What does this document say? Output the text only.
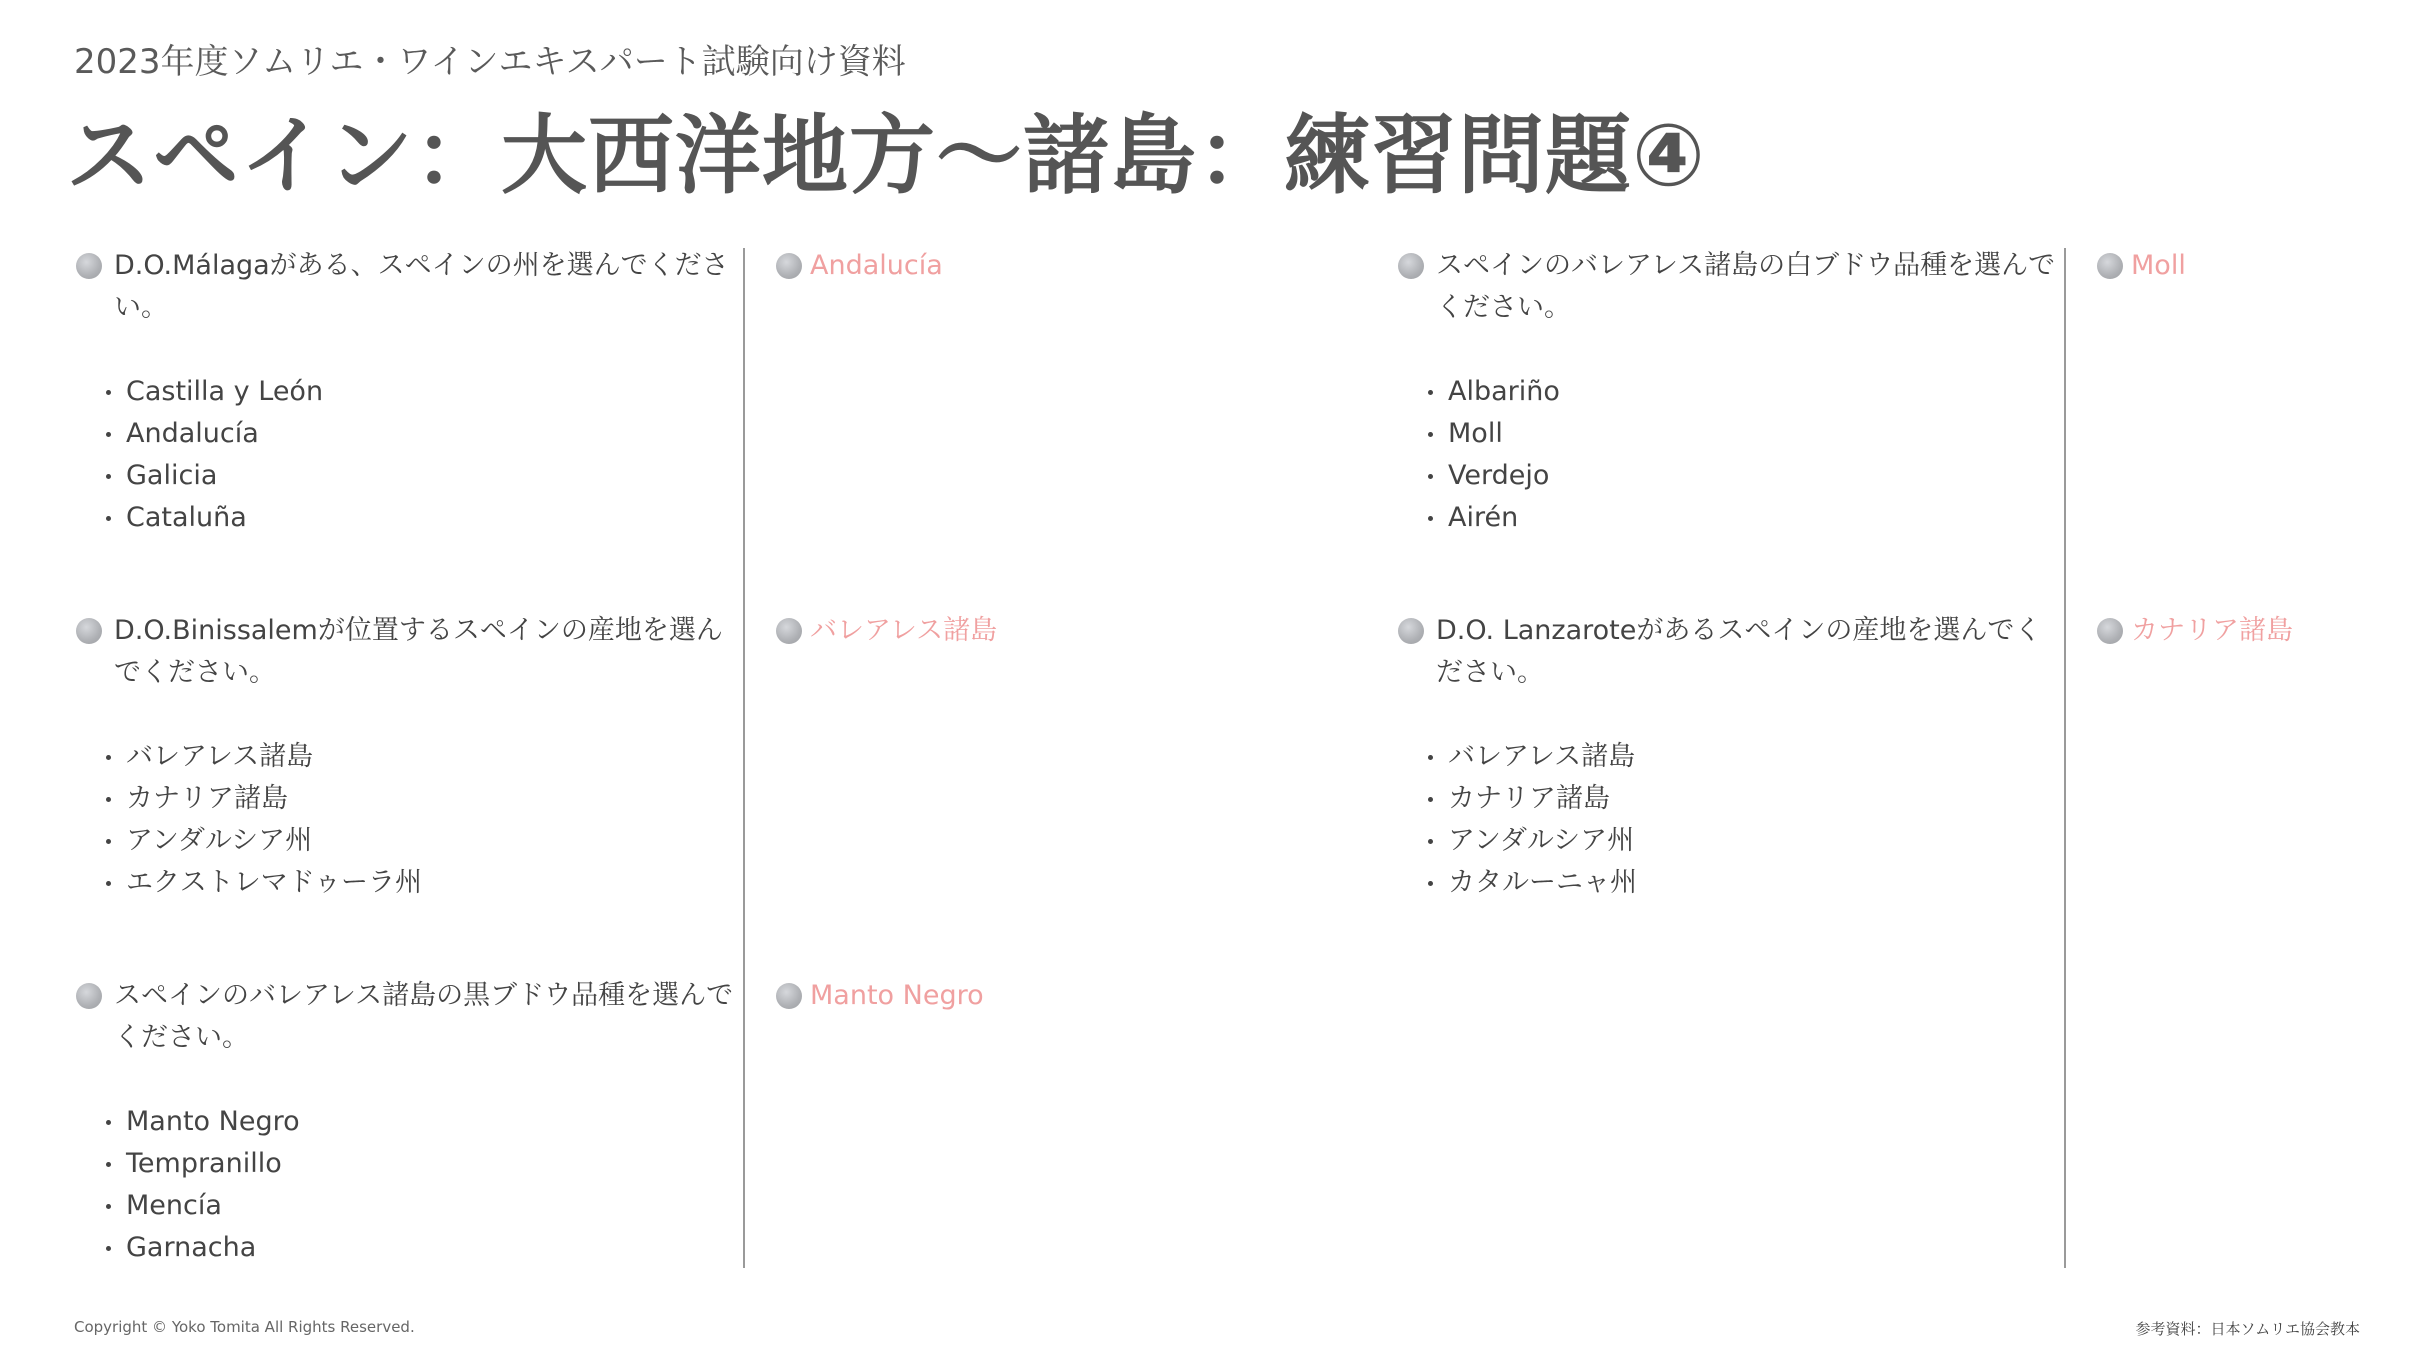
2023年度ソムリエ・ワインエキスパート試験向け資料
スペイン：大西洋地方〜諸島：練習問題④
D.O.Málagaがある、スペインの州を選んでください。
Castilla y León
Andalucía
Galicia
Cataluña
Andalucía
D.O.Binissalemが位置するスペインの産地を選んでください。
バレアレス諸島
カナリア諸島
アンダルシア州
エクストレマドゥーラ州
バレアレス諸島
スペインのバレアレス諸島の黒ブドウ品種を選んでください。
Manto Negro
Tempranillo
Mencía
Garnacha
Manto Negro
スペインのバレアレス諸島の白ブドウ品種を選んでください。
Albariño
Moll
Verdejo
Airén
Moll
D.O. Lanzaroteがあるスペインの産地を選んでください。
バレアレス諸島
カナリア諸島
アンダルシア州
カタルーニャ州
カナリア諸島
Copyright © Yoko Tomita All Rights Reserved.	参考資料：日本ソムリエ協会教本
